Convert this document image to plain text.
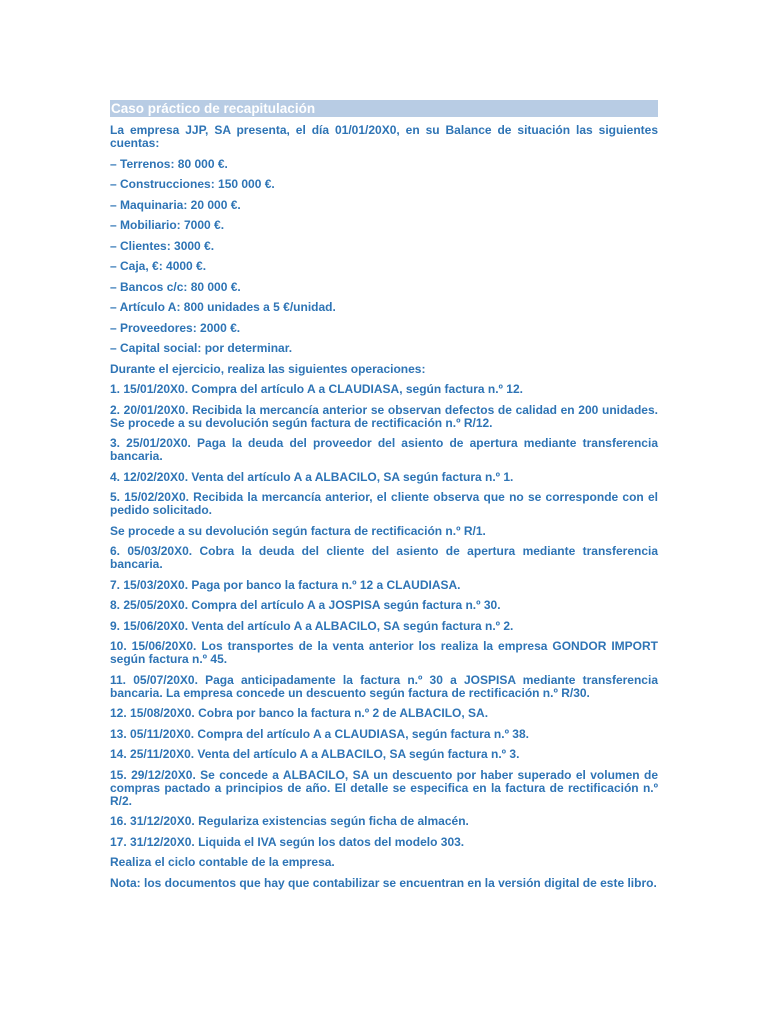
Caso práctico de recapitulación

La empresa JJP, SA presenta, el día 01/01/20X0, en su Balance de situación las siguientes cuentas:

– Terrenos: 80 000 €.

– Construcciones: 150 000 €.

– Maquinaria: 20 000 €.

– Mobiliario: 7000 €.

– Clientes: 3000 €.

– Caja, €: 4000 €.

– Bancos c/c: 80 000 €.

– Artículo A: 800 unidades a 5 €/unidad.

– Proveedores: 2000 €.

– Capital social: por determinar.

Durante el ejercicio, realiza las siguientes operaciones:

1. 15/01/20X0. Compra del artículo A a CLAUDIASA, según factura n.º 12.

2. 20/01/20X0. Recibida la mercancía anterior se observan defectos de calidad en 200 unidades. Se procede a su devolución según factura de rectificación n.º R/12.

3. 25/01/20X0. Paga la deuda del proveedor del asiento de apertura mediante transferencia bancaria.

4. 12/02/20X0. Venta del artículo A a ALBACILO, SA según factura n.º 1.

5. 15/02/20X0. Recibida la mercancía anterior, el cliente observa que no se corresponde con el pedido solicitado.

Se procede a su devolución según factura de rectificación n.º R/1.

6. 05/03/20X0. Cobra la deuda del cliente del asiento de apertura mediante transferencia bancaria.

7. 15/03/20X0. Paga por banco la factura n.º 12 a CLAUDIASA.

8. 25/05/20X0. Compra del artículo A a JOSPISA según factura n.º 30.

9. 15/06/20X0. Venta del artículo A a ALBACILO, SA según factura n.º 2.

10. 15/06/20X0. Los transportes de la venta anterior los realiza la empresa GONDOR IMPORT según factura n.º 45.

11. 05/07/20X0. Paga anticipadamente la factura n.º 30 a JOSPISA mediante transferencia bancaria. La empresa concede un descuento según factura de rectificación n.º R/30.

12. 15/08/20X0. Cobra por banco la factura n.º 2 de ALBACILO, SA.

13. 05/11/20X0. Compra del artículo A a CLAUDIASA, según factura n.º 38.

14. 25/11/20X0. Venta del artículo A a ALBACILO, SA según factura n.º 3.

15. 29/12/20X0. Se concede a ALBACILO, SA un descuento por haber superado el volumen de compras pactado a principios de año. El detalle se especifica en la factura de rectificación n.º R/2.

16. 31/12/20X0. Regulariza existencias según ficha de almacén.

17. 31/12/20X0. Liquida el IVA según los datos del modelo 303.

Realiza el ciclo contable de la empresa.

Nota: los documentos que hay que contabilizar se encuentran en la versión digital de este libro.
